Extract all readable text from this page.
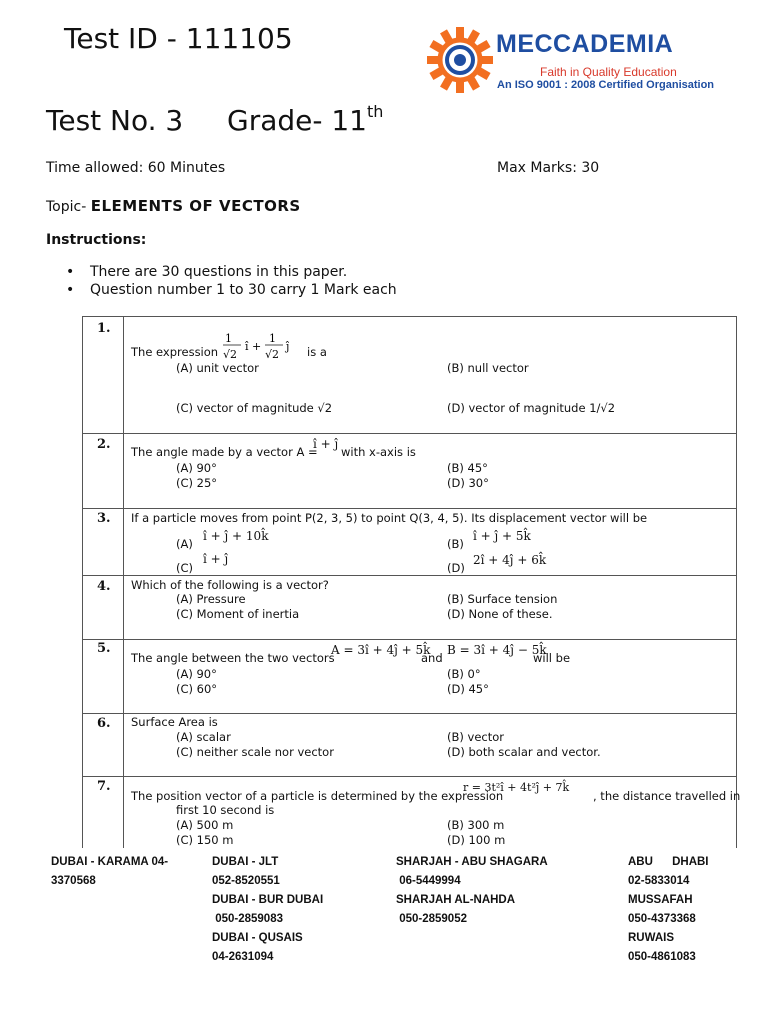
Test ID - 111105
Test No. 3 Grade- 11th
Time allowed: 60 Minutes	Max Marks: 30
Topic- ELEMENTS OF VECTORS
Instructions:
• There are 30 questions in this paper.
• Question number 1 to 30 carry 1 Mark each
MECCADEMIA
Faith in Quality Education
An ISO 9001 : 2008 Certified Organisation
1.
The expression
1
√2
î +
1
√2
ĵ is a
(A) unit vector	(B) null vector
(C) vector of magnitude √2	(D) vector of magnitude 1/√2
2. The angle made by a vector A =
î + ĵ
with x-axis is
(A) 90°	(B) 45°
(C) 25°	(D) 30°
3. If a particle moves from point P(2, 3, 5) to point Q(3, 4, 5). Its displacement vector will be
(A)
î + ĵ + 10k̂
(B)
î + ĵ + 5k̂
(C)
î + ĵ
(D)
2î + 4ĵ + 6k̂
4. Which of the following is a vector?
(A) Pressure	(B) Surface tension
(C) Moment of inertia	(D) None of these.
5.
The angle between the two vectors
A = 3î + 4ĵ + 5k̂
and
B = 3î + 4ĵ − 5k̂
will be
(A) 90°	(B) 0°
(C) 60°	(D) 45°
6. Surface Area is
(A) scalar	(B) vector
(C) neither scale nor vector	(D) both scalar and vector.
7.
The position vector of a particle is determined by the expression
r = 3t²î + 4t²ĵ + 7k̂
, the distance travelled in
first 10 second is
(A) 500 m	(B) 300 m
(C) 150 m	(D) 100 m
DUBAI - KARAMA 04-
3370568
DUBAI - JLT
052-8520551
DUBAI - BUR DUBAI
050-2859083
DUBAI - QUSAIS
04-2631094
SHARJAH - ABU SHAGARA
06-5449994
SHARJAH AL-NAHDA
050-2859052
ABU      DHABI
02-5833014
MUSSAFAH
050-4373368
RUWAIS
050-4861083
